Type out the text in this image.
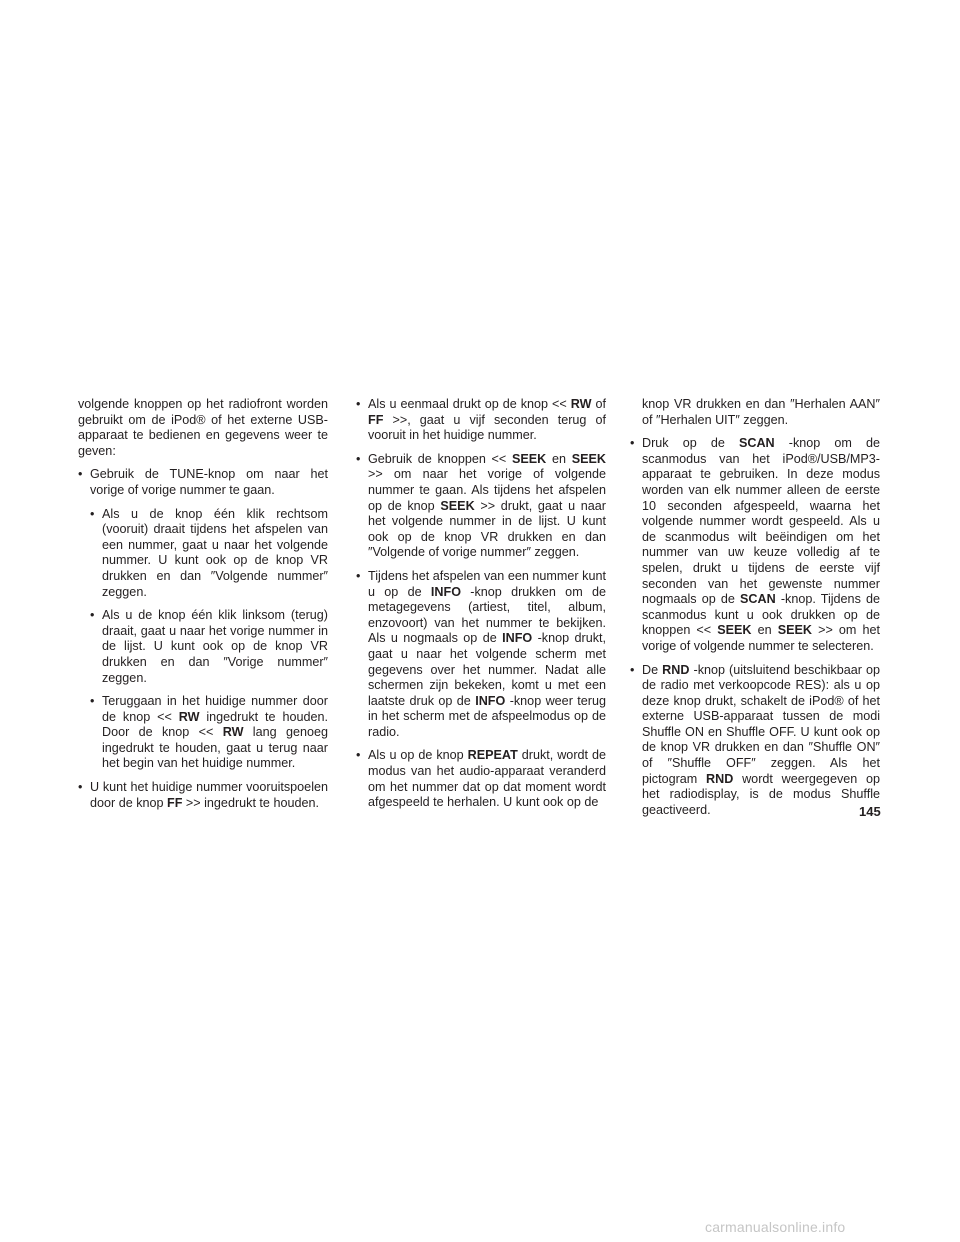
volgende knoppen op het radiofront worden gebruikt om de iPod® of het externe USB-apparaat te bedienen en gegevens weer te geven:

• Gebruik de TUNE-knop om naar het vorige of vorige nummer te gaan.
• Als u de knop één klik rechtsom (vooruit) draait tijdens het afspelen van een nummer, gaat u naar het volgende nummer. U kunt ook op de knop VR drukken en dan ″Volgende nummer″ zeggen.
• Als u de knop één klik linksom (terug) draait, gaat u naar het vorige nummer in de lijst. U kunt ook op de knop VR drukken en dan ″Vorige nummer″ zeggen.
• Teruggaan in het huidige nummer door de knop << RW ingedrukt te houden. Door de knop << RW lang genoeg ingedrukt te houden, gaat u terug naar het begin van het huidige nummer.
• U kunt het huidige nummer vooruitspoelen door de knop FF >> ingedrukt te houden.
• Als u eenmaal drukt op de knop << RW of FF >>, gaat u vijf seconden terug of vooruit in het huidige nummer.
• Gebruik de knoppen << SEEK en SEEK >> om naar het vorige of volgende nummer te gaan. Als tijdens het afspelen op de knop SEEK >> drukt, gaat u naar het volgende nummer in de lijst. U kunt ook op de knop VR drukken en dan ″Volgende of vorige nummer″ zeggen.
• Tijdens het afspelen van een nummer kunt u op de INFO -knop drukken om de metagegevens (artiest, titel, album, enzovoort) van het nummer te bekijken. Als u nogmaals op de INFO -knop drukt, gaat u naar het volgende scherm met gegevens over het nummer. Nadat alle schermen zijn bekeken, komt u met een laatste druk op de INFO -knop weer terug in het scherm met de afspeelmodus op de radio.
• Als u op de knop REPEAT drukt, wordt de modus van het audio-apparaat veranderd om het nummer dat op dat moment wordt afgespeeld te herhalen. U kunt ook op de
knop VR drukken en dan ″Herhalen AAN″ of ″Herhalen UIT″ zeggen.
• Druk op de SCAN -knop om de scanmodus van het iPod®/USB/MP3-apparaat te gebruiken. In deze modus worden van elk nummer alleen de eerste 10 seconden afgespeeld, waarna het volgende nummer wordt gespeeld. Als u de scanmodus wilt beëindigen om het nummer van uw keuze volledig af te spelen, drukt u tijdens de eerste vijf seconden van het gewenste nummer nogmaals op de SCAN -knop. Tijdens de scanmodus kunt u ook drukken op de knoppen << SEEK en SEEK >> om het vorige of volgende nummer te selecteren.
• De RND -knop (uitsluitend beschikbaar op de radio met verkoopcode RES): als u op deze knop drukt, schakelt de iPod® of het externe USB-apparaat tussen de modi Shuffle ON en Shuffle OFF. U kunt ook op de knop VR drukken en dan ″Shuffle ON″ of ″Shuffle OFF″ zeggen. Als het pictogram RND wordt weergegeven op het radiodisplay, is de modus Shuffle geactiveerd.	145
carmanualsonline.info
